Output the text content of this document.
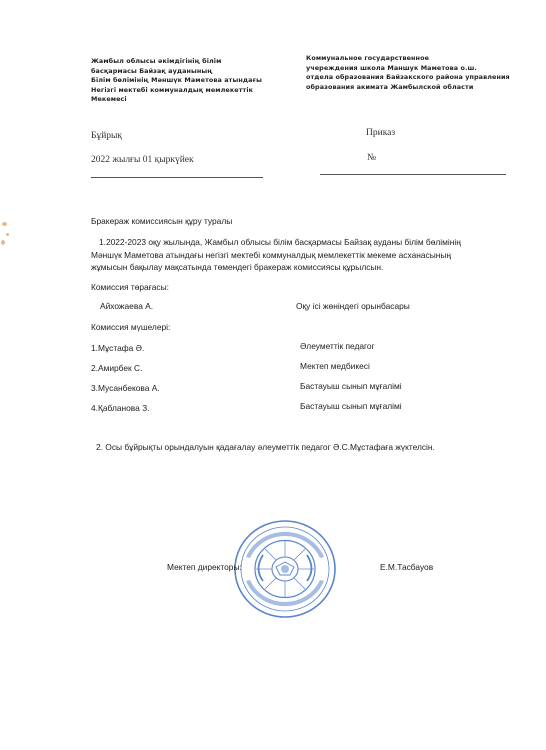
Жамбыл облысы әкімдігінің білім
басқармасы Байзақ ауданының
Білім бөлімінің Мәншүк Маметова атындағы
Негізгі мектебі коммуналдық мемлекеттік
Мекемесі
Коммунальное государственное
учереждения школа Маншук Маметова о.ш.
отдела образования Байзакского района управления
образования акимата Жамбылской области
Бұйрық	Приказ
2022 жылғы 01 қыркүйек	№
Бракераж комиссиясын құру туралы
1.2022-2023 оқу жылында, Жамбыл облысы білім басқармасы Байзақ ауданы білім бөлімінің Мәншүк Маметова атындағы негізгі мектебі коммуналдық мемлекеттік мекеме асханасының жұмысын бақылау мақсатында төмендегі бракераж комиссиясы құрылсын.
Комиссия төрағасы:
Айхожаева А.	Оқу ісі жөніндегі орынбасары
Комиссия мүшелері:
1.Мұстафа Ә.	Әлеуметтік педагог
2.Амирбек С.	Мектеп медбикесі
3.Мусанбекова А.	Бастауыш сынып мұғалімі
4.Қабланова З.	Бастауыш сынып мұғалімі
2. Осы бұйрықты орындалуын қадағалау әлеуметтік педагог Ә.С.Мұстафаға жүктелсін.
Мектеп директоры:	Е.М.Тасбауов
